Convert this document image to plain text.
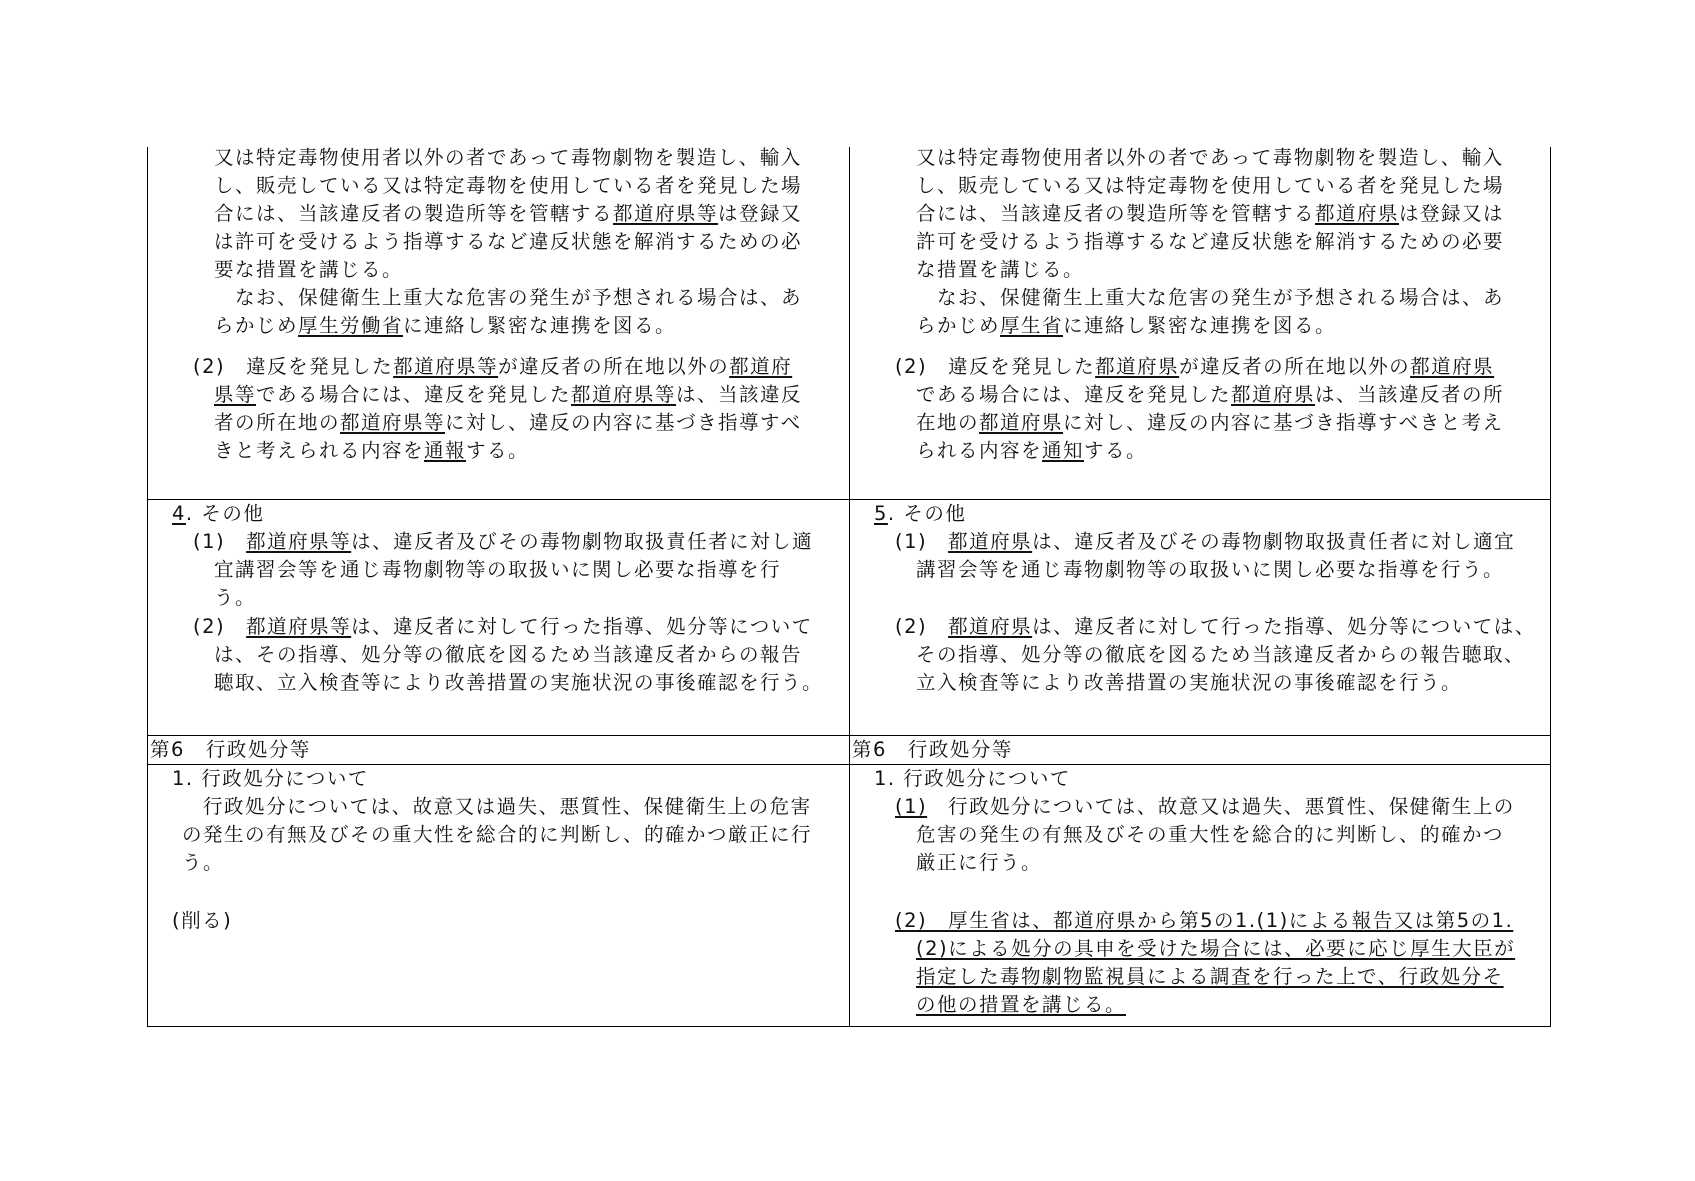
又は特定毒物使用者以外の者であって毒物劇物を製造し、輸入
し、販売している又は特定毒物を使用している者を発見した場
合には、当該違反者の製造所等を管轄する都道府県等は登録又
は許可を受けるよう指導するなど違反状態を解消するための必
要な措置を講じる。
　なお、保健衛生上重大な危害の発生が予想される場合は、あ
らかじめ厚生労働省に連絡し緊密な連携を図る。
(2)　違反を発見した都道府県等が違反者の所在地以外の都道府
県等である場合には、違反を発見した都道府県等は、当該違反
者の所在地の都道府県等に対し、違反の内容に基づき指導すべ
きと考えられる内容を通報する。
4. その他
(1)　都道府県等は、違反者及びその毒物劇物取扱責任者に対し適
宜講習会等を通じ毒物劇物等の取扱いに関し必要な指導を行
う。
(2)　都道府県等は、違反者に対して行った指導、処分等について
は、その指導、処分等の徹底を図るため当該違反者からの報告
聴取、立入検査等により改善措置の実施状況の事後確認を行う。
第6　行政処分等
1. 行政処分について
　行政処分については、故意又は過失、悪質性、保健衛生上の危害
の発生の有無及びその重大性を総合的に判断し、的確かつ厳正に行
う。
(削る)
又は特定毒物使用者以外の者であって毒物劇物を製造し、輸入
し、販売している又は特定毒物を使用している者を発見した場
合には、当該違反者の製造所等を管轄する都道府県は登録又は
許可を受けるよう指導するなど違反状態を解消するための必要
な措置を講じる。
　なお、保健衛生上重大な危害の発生が予想される場合は、あ
らかじめ厚生省に連絡し緊密な連携を図る。
(2)　違反を発見した都道府県が違反者の所在地以外の都道府県
である場合には、違反を発見した都道府県は、当該違反者の所
在地の都道府県に対し、違反の内容に基づき指導すべきと考え
られる内容を通知する。
5. その他
(1)　都道府県は、違反者及びその毒物劇物取扱責任者に対し適宜
講習会等を通じ毒物劇物等の取扱いに関し必要な指導を行う。
(2)　都道府県は、違反者に対して行った指導、処分等については、
その指導、処分等の徹底を図るため当該違反者からの報告聴取、
立入検査等により改善措置の実施状況の事後確認を行う。
第6　行政処分等
1. 行政処分について
(1)　行政処分については、故意又は過失、悪質性、保健衛生上の
危害の発生の有無及びその重大性を総合的に判断し、的確かつ
厳正に行う。
(2)　厚生省は、都道府県から第5の1.(1)による報告又は第5の1.
(2)による処分の具申を受けた場合には、必要に応じ厚生大臣が
指定した毒物劇物監視員による調査を行った上で、行政処分そ
の他の措置を講じる。
